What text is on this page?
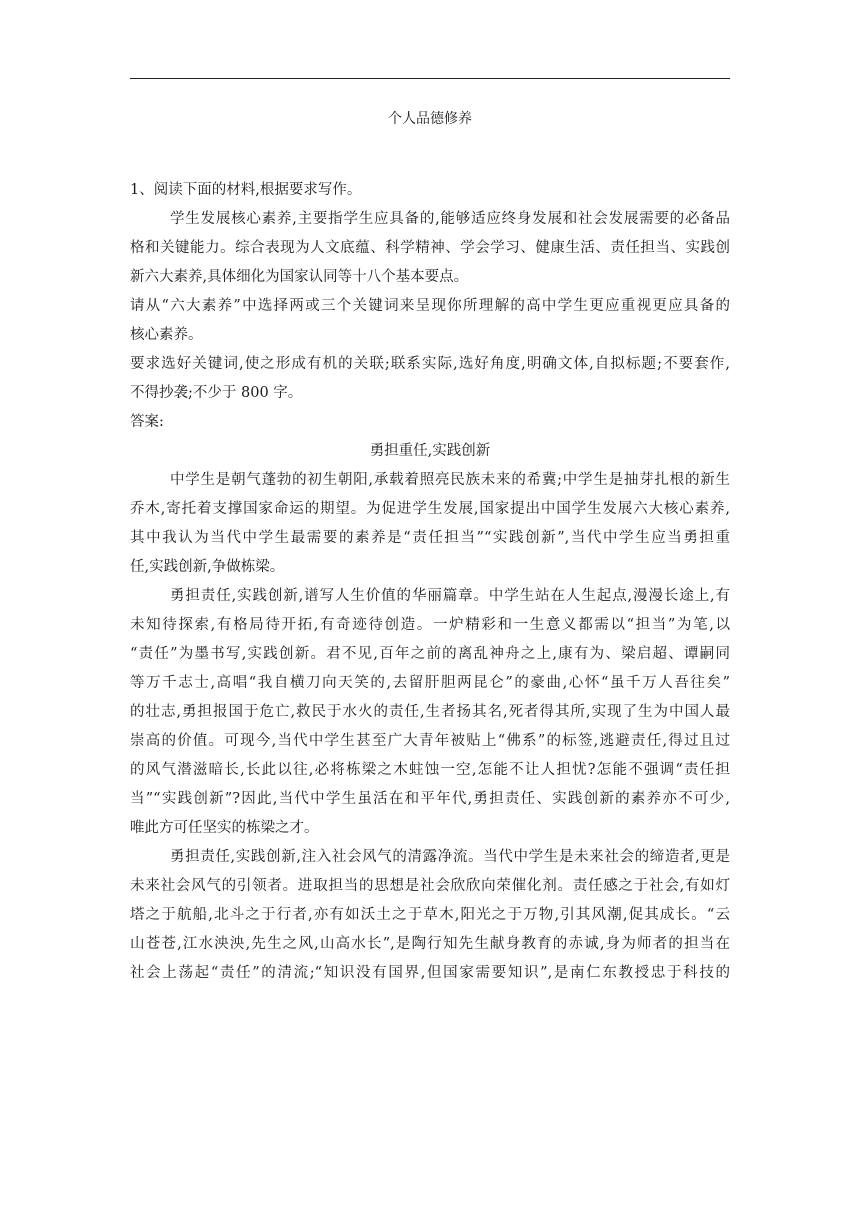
个人品德修养
1、阅读下面的材料,根据要求写作。
学生发展核心素养,主要指学生应具备的,能够适应终身发展和社会发展需要的必备品
格和关键能力。综合表现为人文底蕴、科学精神、学会学习、健康生活、责任担当、实践创
新六大素养,具体细化为国家认同等十八个基本要点。
请从“六大素养”中选择两或三个关键词来呈现你所理解的高中学生更应重视更应具备的
核心素养。
要求选好关键词,使之形成有机的关联;联系实际,选好角度,明确文体,自拟标题;不要套作,
不得抄袭;不少于 800 字。
答案:
勇担重任,实践创新
中学生是朝气蓬勃的初生朝阳,承载着照亮民族未来的希冀;中学生是抽芽扎根的新生
乔木,寄托着支撑国家命运的期望。为促进学生发展,国家提出中国学生发展六大核心素养,
其中我认为当代中学生最需要的素养是“责任担当”“实践创新”,当代中学生应当勇担重
任,实践创新,争做栋梁。
勇担责任,实践创新,谱写人生价值的华丽篇章。中学生站在人生起点,漫漫长途上,有
未知待探索,有格局待开拓,有奇迹待创造。一炉精彩和一生意义都需以“担当”为笔,以
“责任”为墨书写,实践创新。君不见,百年之前的离乱神舟之上,康有为、梁启超、谭嗣同
等万千志士,高唱“我自横刀向天笑的,去留肝胆两昆仑”的豪曲,心怀“虽千万人吾往矣”
的壮志,勇担报国于危亡,救民于水火的责任,生者扬其名,死者得其所,实现了生为中国人最
崇高的价值。可现今,当代中学生甚至广大青年被贴上“佛系”的标签,逃避责任,得过且过
的风气潜滋暗长,长此以往,必将栋梁之木蛀蚀一空,怎能不让人担忧?怎能不强调“责任担
当”“实践创新”?因此,当代中学生虽活在和平年代,勇担责任、实践创新的素养亦不可少,
唯此方可任坚实的栋梁之才。
勇担责任,实践创新,注入社会风气的清露净流。当代中学生是未来社会的缔造者,更是
未来社会风气的引领者。进取担当的思想是社会欣欣向荣催化剂。责任感之于社会,有如灯
塔之于航船,北斗之于行者,亦有如沃土之于草木,阳光之于万物,引其风潮,促其成长。“云
山苍苍,江水泱泱,先生之风,山高水长”,是陶行知先生献身教育的赤诚,身为师者的担当在
社会上荡起“责任”的清流;“知识没有国界,但国家需要知识”,是南仁东教授忠于科技的
